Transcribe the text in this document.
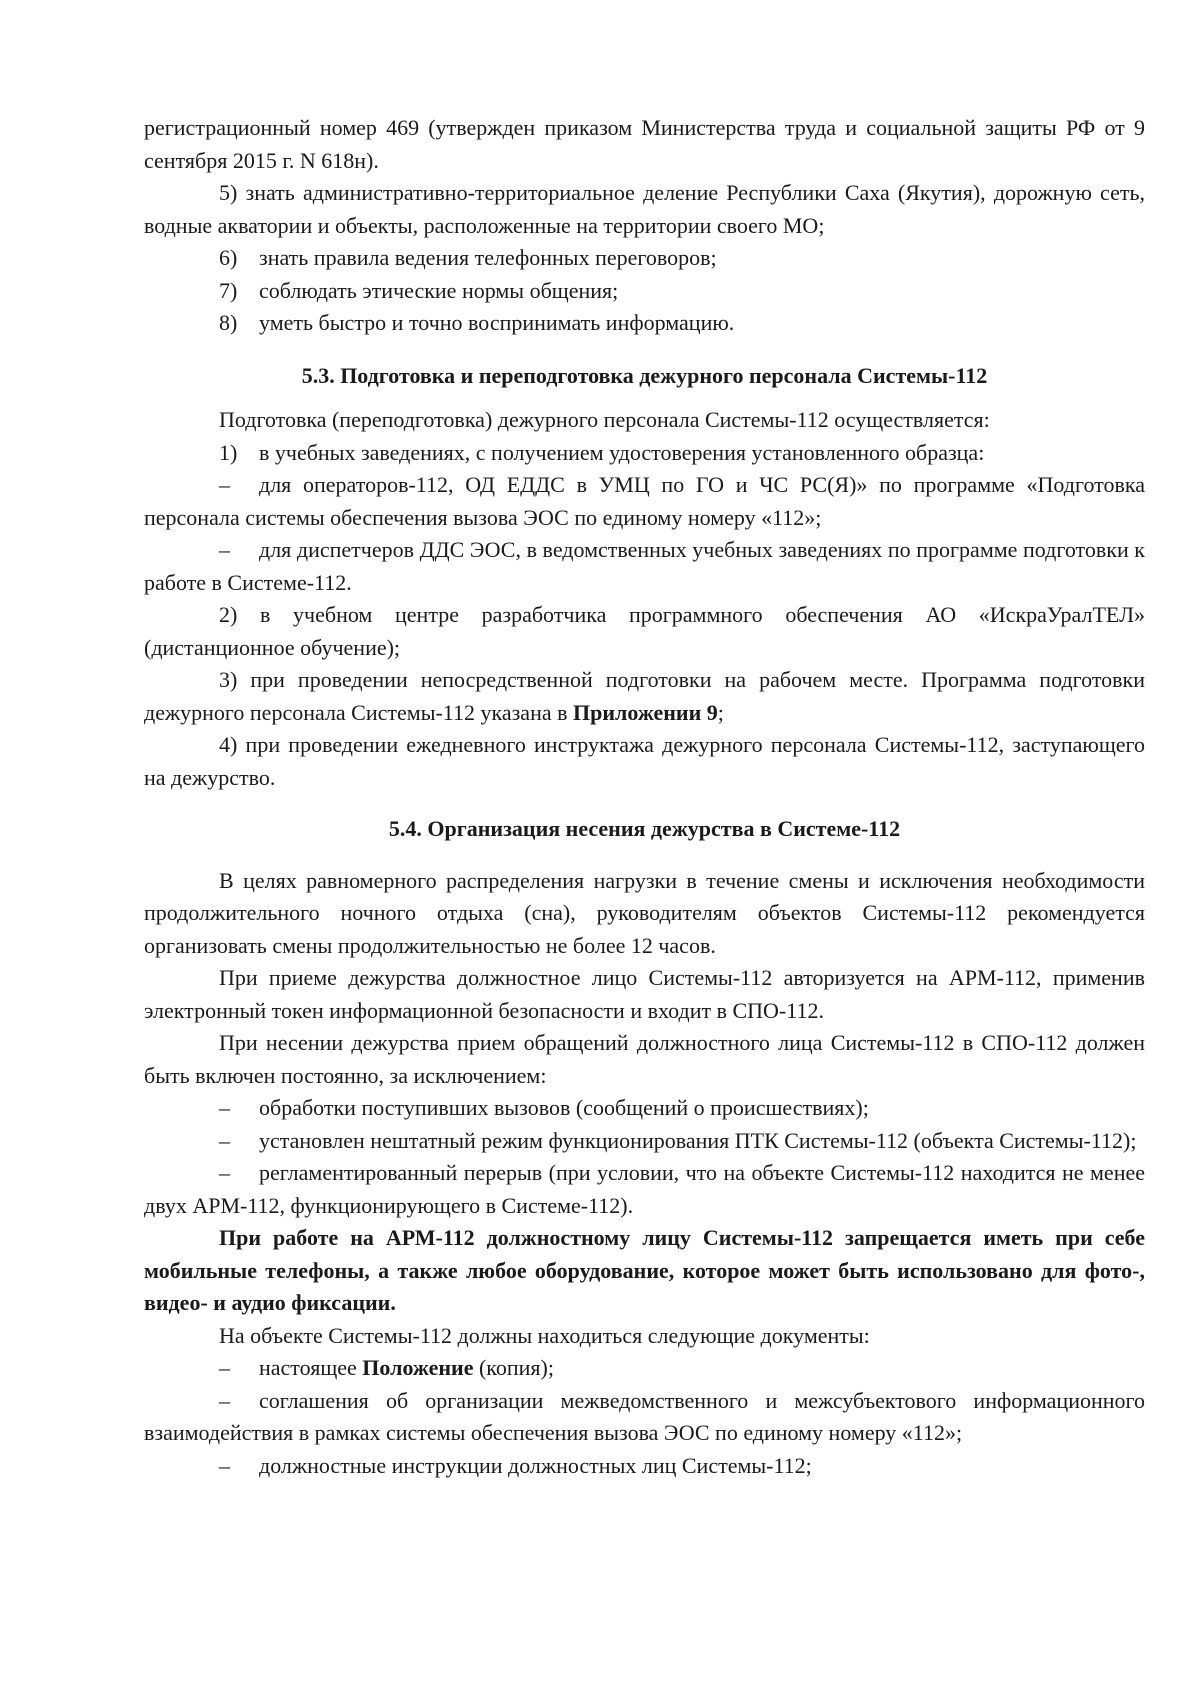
регистрационный номер 469 (утвержден приказом Министерства труда и социальной защиты РФ от 9 сентября 2015 г. N 618н).

5) знать административно-территориальное деление Республики Саха (Якутия), дорожную сеть, водные акватории и объекты, расположенные на территории своего МО;

6) знать правила ведения телефонных переговоров;
7) соблюдать этические нормы общения;
8) уметь быстро и точно воспринимать информацию.

5.3. Подготовка и переподготовка дежурного персонала Системы-112

Подготовка (переподготовка) дежурного персонала Системы-112 осуществляется:

1) в учебных заведениях, с получением удостоверения установленного образца:

– для операторов-112, ОД ЕДДС в УМЦ по ГО и ЧС РС(Я)» по программе «Подготовка персонала системы обеспечения вызова ЭОС по единому номеру «112»;

– для диспетчеров ДДС ЭОС, в ведомственных учебных заведениях по программе подготовки к работе в Системе-112.

2) в учебном центре разработчика программного обеспечения АО «ИскраУралТЕЛ» (дистанционное обучение);

3) при проведении непосредственной подготовки на рабочем месте. Программа подготовки дежурного персонала Системы-112 указана в Приложении 9;

4) при проведении ежедневного инструктажа дежурного персонала Системы-112, заступающего на дежурство.

5.4. Организация несения дежурства в Системе-112

В целях равномерного распределения нагрузки в течение смены и исключения необходимости продолжительного ночного отдыха (сна), руководителям объектов Системы-112 рекомендуется организовать смены продолжительностью не более 12 часов.

При приеме дежурства должностное лицо Системы-112 авторизуется на АРМ-112, применив электронный токен информационной безопасности и входит в СПО-112.

При несении дежурства прием обращений должностного лица Системы-112 в СПО-112 должен быть включен постоянно, за исключением:

– обработки поступивших вызовов (сообщений о происшествиях);

– установлен нештатный режим функционирования ПТК Системы-112 (объекта Системы-112);

– регламентированный перерыв (при условии, что на объекте Системы-112 находится не менее двух АРМ-112, функционирующего в Системе-112).

При работе на АРМ-112 должностному лицу Системы-112 запрещается иметь при себе мобильные телефоны, а также любое оборудование, которое может быть использовано для фото-, видео- и аудио фиксации.

На объекте Системы-112 должны находиться следующие документы:

– настоящее Положение (копия);

– соглашения об организации межведомственного и межсубъектового информационного взаимодействия в рамках системы обеспечения вызова ЭОС по единому номеру «112»;

– должностные инструкции должностных лиц Системы-112;
